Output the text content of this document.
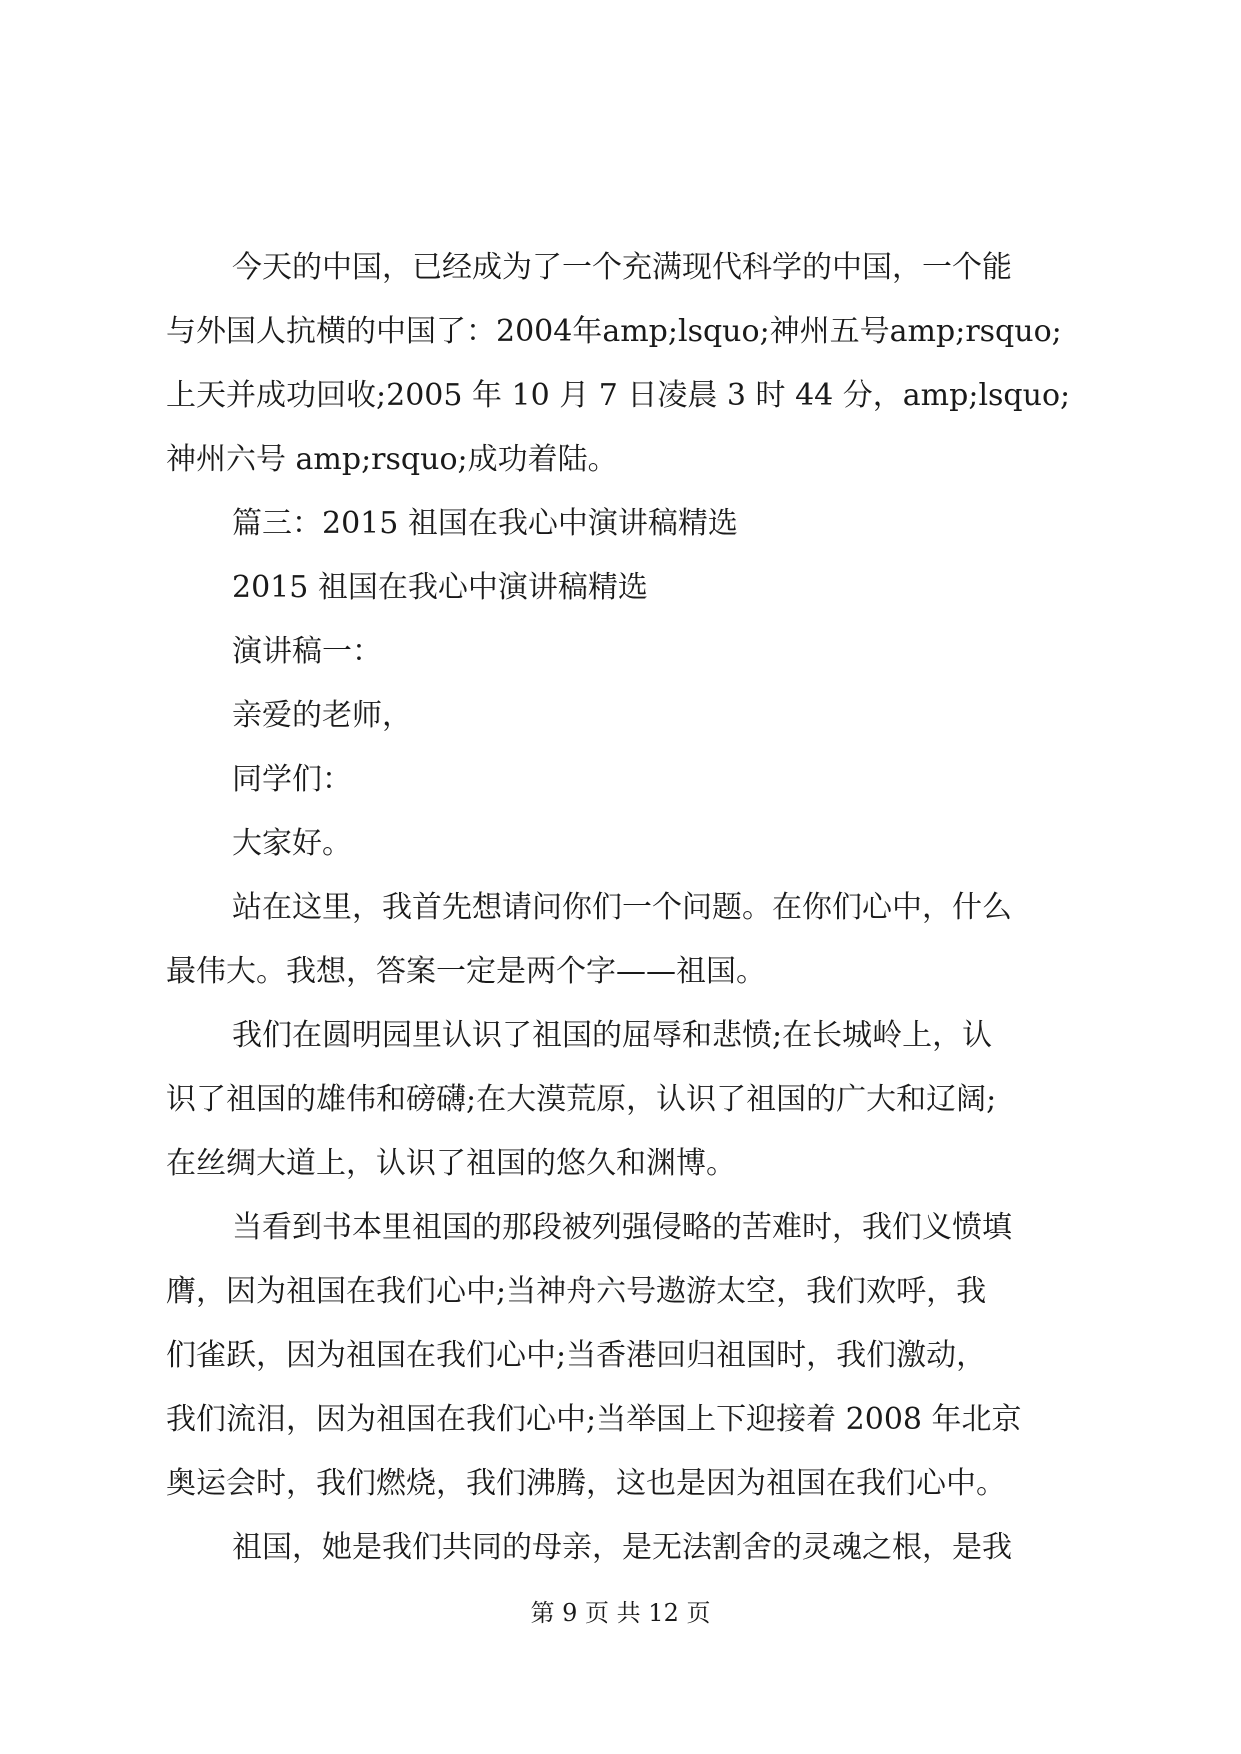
今天的中国，已经成为了一个充满现代科学的中国，一个能
与外国人抗横的中国了：2004年amp;lsquo;神州五号amp;rsquo;
上天并成功回收;2005 年 10 月 7 日凌晨 3 时 44 分，amp;lsquo;
神州六号 amp;rsquo;成功着陆。
篇三：2015 祖国在我心中演讲稿精选
2015 祖国在我心中演讲稿精选
演讲稿一：
亲爱的老师，
同学们：
大家好。
站在这里，我首先想请问你们一个问题。在你们心中，什么
最伟大。我想，答案一定是两个字——祖国。
我们在圆明园里认识了祖国的屈辱和悲愤;在长城岭上，认
识了祖国的雄伟和磅礴;在大漠荒原，认识了祖国的广大和辽阔;
在丝绸大道上，认识了祖国的悠久和渊博。
当看到书本里祖国的那段被列强侵略的苦难时，我们义愤填
膺，因为祖国在我们心中;当神舟六号遨游太空，我们欢呼，我
们雀跃，因为祖国在我们心中;当香港回归祖国时，我们激动，
我们流泪，因为祖国在我们心中;当举国上下迎接着 2008 年北京
奥运会时，我们燃烧，我们沸腾，这也是因为祖国在我们心中。
祖国，她是我们共同的母亲，是无法割舍的灵魂之根，是我
第 9 页 共 12 页
